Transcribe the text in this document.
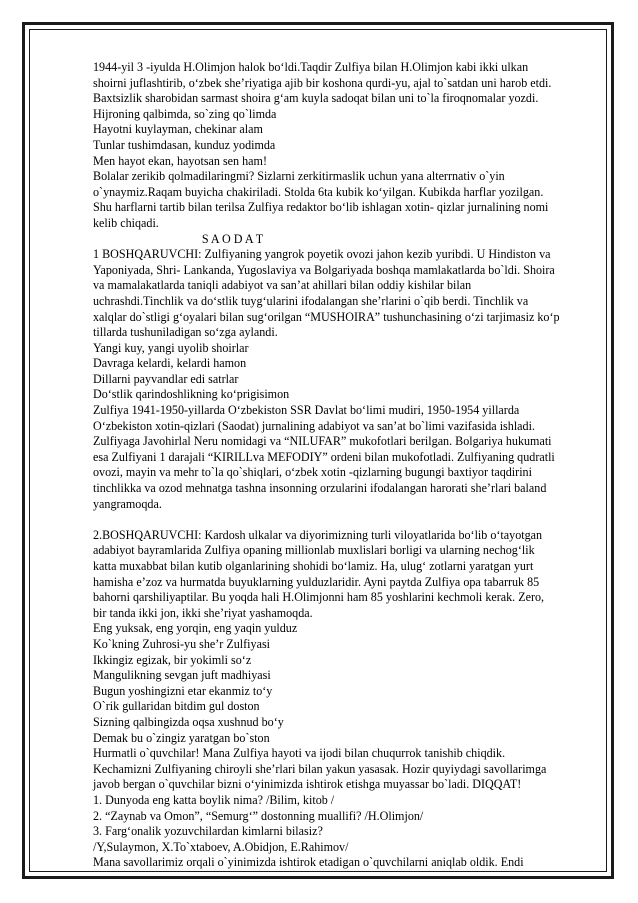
1944-yil 3 -iyulda H.Olimjon halok bo‘ldi.Taqdir Zulfiya bilan H.Olimjon kabi ikki ulkan
shoirni juflashtirib, o‘zbek she’riyatiga ajib bir koshona qurdi-yu, ajal to`satdan uni harob etdi.
Baxtsizlik sharobidan sarmast shoira g‘am kuyla sadoqat bilan uni to`la firoqnomalar yozdi.
Hijroning qalbimda, so`zing qo`limda
Hayotni kuylayman, chekinar alam
Tunlar tushimdasan, kunduz yodimda
Men hayot ekan, hayotsan sen ham!
Bolalar zerikib qolmadilaringmi? Sizlarni zerkitirmaslik uchun yana alterrnativ o`yin
o`ynaymiz.Raqam buyicha chakiriladi. Stolda 6ta kubik ko‘yilgan. Kubikda harflar yozilgan.
Shu harflarni tartib bilan terilsa Zulfiya redaktor bo‘lib ishlagan xotin- qizlar jurnalining nomi
kelib chiqadi.
S A O D A T
1 BOSHQARUVCHI: Zulfiyaning yangrok poyetik ovozi jahon kezib yuribdi. U Hindiston va
Yaponiyada, Shri- Lankanda, Yugoslaviya va Bolgariyada boshqa mamlakatlarda bo`ldi. Shoira
va mamalakatlarda taniqli adabiyot va san’at ahillari bilan oddiy kishilar bilan
uchrashdi.Tinchlik va do‘stlik tuyg‘ularini ifodalangan she’rlarini o`qib berdi. Tinchlik va
xalqlar do`stligi g‘oyalari bilan sug‘orilgan “MUSHOIRA” tushunchasining o‘zi tarjimasiz ko‘p
tillarda tushuniladigan so‘zga aylandi.
Yangi kuy, yangi uyolib shoirlar
Davraga kelardi, kelardi hamon
Dillarni payvandlar edi satrlar
Do‘stlik qarindoshlikning ko‘prigisimon
Zulfiya 1941-1950-yillarda O‘zbekiston SSR Davlat bo‘limi mudiri, 1950-1954 yillarda
O‘zbekiston xotin-qizlari (Saodat) jurnalining adabiyot va san’at bo`limi vazifasida ishladi.
Zulfiyaga Javohirlal Neru nomidagi va “NILUFAR” mukofotlari berilgan. Bolgariya hukumati
esa Zulfiyani 1 darajali “KIRILLva MEFODIY” ordeni bilan mukofotladi. Zulfiyaning qudratli
ovozi, mayin va mehr to`la qo`shiqlari, o‘zbek xotin -qizlarning bugungi baxtiyor taqdirini
tinchlikka va ozod mehnatga tashna insonning orzularini ifodalangan harorati she’rlari baland
yangramoqda.
2.BOSHQARUVCHI: Kardosh ulkalar va diyorimizning turli viloyatlarida bo‘lib o‘tayotgan
adabiyot bayramlarida Zulfiya opaning millionlab muxlislari borligi va ularning nechog‘lik
katta muxabbat bilan kutib olganlarining shohidi bo‘lamiz. Ha, ulug‘ zotlarni yaratgan yurt
hamisha e’zoz va hurmatda buyuklarning yulduzlaridir. Ayni paytda Zulfiya opa tabarruk 85
bahorni qarshiliyaptilar. Bu yoqda hali H.Olimjonni ham 85 yoshlarini kechmoli kerak. Zero,
bir tanda ikki jon, ikki she’riyat yashamoqda.
Eng yuksak, eng yorqin, eng yaqin yulduz
Ko`kning Zuhrosi-yu she’r Zulfiyasi
Ikkingiz egizak, bir yokimli so‘z
Mangulikning sevgan juft madhiyasi
Bugun yoshingizni etar ekanmiz to‘y
O`rik gullaridan bitdim gul doston
Sizning qalbingizda oqsa xushnud bo‘y
Demak bu o`zingiz yaratgan bo`ston
Hurmatli o`quvchilar! Mana Zulfiya hayoti va ijodi bilan chuqurrok tanishib chiqdik.
Kechamizni Zulfiyaning chiroyli she’rlari bilan yakun yasasak. Hozir quyiydagi savollarimga
javob bergan o`quvchilar bizni o‘yinimizda ishtirok etishga muyassar bo`ladi. DIQQAT!
1. Dunyoda eng katta boylik nima? /Bilim, kitob /
2. “Zaynab va Omon”, “Semurg‘” dostonning muallifi? /H.Olimjon/
3. Farg‘onalik yozuvchilardan kimlarni bilasiz?
/Y,Sulaymon, X.To`xtaboev, A.Obidjon, E.Rahimov/
Mana savollarimiz orqali o`yinimizda ishtirok etadigan o`quvchilarni aniqlab oldik. Endi
